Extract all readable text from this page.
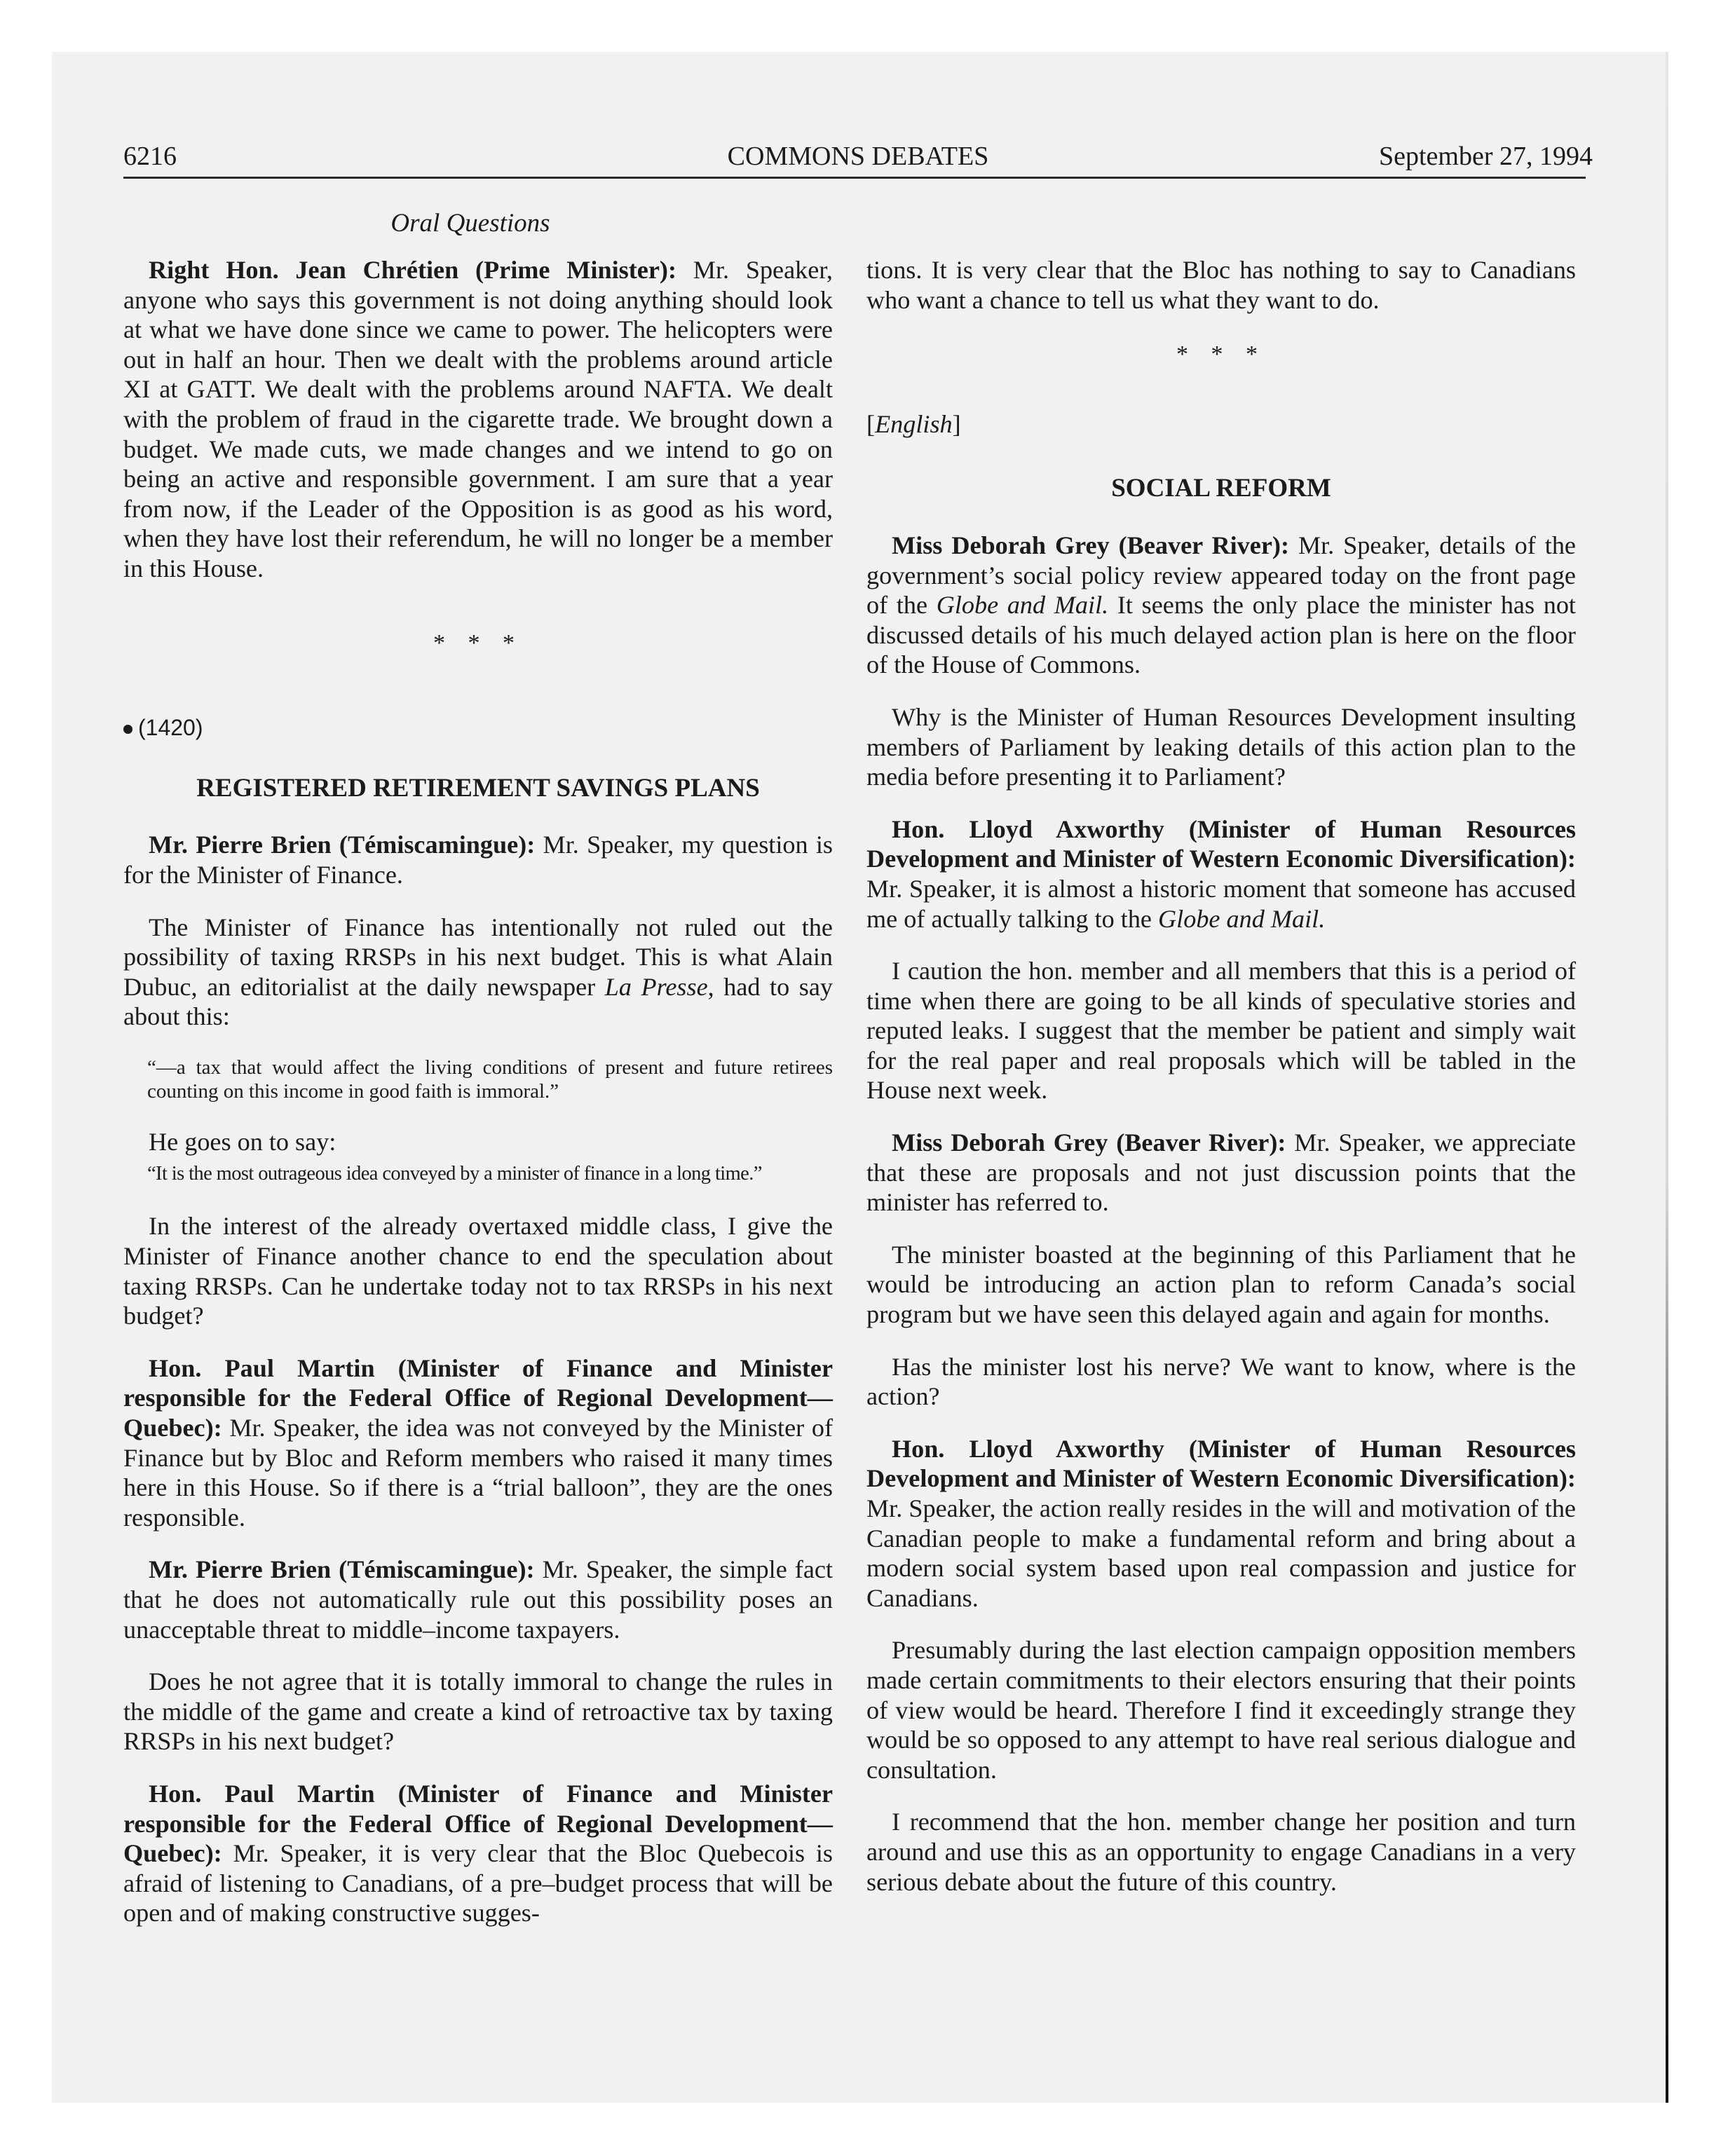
6216	COMMONS DEBATES	September 27, 1994
Oral Questions

Right Hon. Jean Chrétien (Prime Minister): Mr. Speaker, anyone who says this government is not doing anything should look at what we have done since we came to power. The helicopters were out in half an hour. Then we dealt with the problems around article XI at GATT. We dealt with the problems around NAFTA. We dealt with the problem of fraud in the cigarette trade. We brought down a budget. We made cuts, we made changes and we intend to go on being an active and responsible government. I am sure that a year from now, if the Leader of the Opposition is as good as his word, when they have lost their referendum, he will no longer be a member in this House.

* * *
(1420)
REGISTERED RETIREMENT SAVINGS PLANS

Mr. Pierre Brien (Témiscamingue): Mr. Speaker, my question is for the Minister of Finance.

The Minister of Finance has intentionally not ruled out the possibility of taxing RRSPs in his next budget. This is what Alain Dubuc, an editorialist at the daily newspaper La Presse, had to say about this:

“—a tax that would affect the living conditions of present and future retirees counting on this income in good faith is immoral.”

He goes on to say:

“It is the most outrageous idea conveyed by a minister of finance in a long time.”

In the interest of the already overtaxed middle class, I give the Minister of Finance another chance to end the speculation about taxing RRSPs. Can he undertake today not to tax RRSPs in his next budget?

Hon. Paul Martin (Minister of Finance and Minister responsible for the Federal Office of Regional Development—Quebec): Mr. Speaker, the idea was not conveyed by the Minister of Finance but by Bloc and Reform members who raised it many times here in this House. So if there is a “trial balloon”, they are the ones responsible.

Mr. Pierre Brien (Témiscamingue): Mr. Speaker, the simple fact that he does not automatically rule out this possibility poses an unacceptable threat to middle–income taxpayers.

Does he not agree that it is totally immoral to change the rules in the middle of the game and create a kind of retroactive tax by taxing RRSPs in his next budget?

Hon. Paul Martin (Minister of Finance and Minister responsible for the Federal Office of Regional Development—Quebec): Mr. Speaker, it is very clear that the Bloc Quebecois is afraid of listening to Canadians, of a pre–budget process that will be open and of making constructive sugges-

tions. It is very clear that the Bloc has nothing to say to Canadians who want a chance to tell us what they want to do.

* * *
[ English ]
SOCIAL REFORM

Miss Deborah Grey (Beaver River): Mr. Speaker, details of the government’s social policy review appeared today on the front page of the Globe and Mail. It seems the only place the minister has not discussed details of his much delayed action plan is here on the floor of the House of Commons.

Why is the Minister of Human Resources Development insulting members of Parliament by leaking details of this action plan to the media before presenting it to Parliament?

Hon. Lloyd Axworthy (Minister of Human Resources Development and Minister of Western Economic Diversification): Mr. Speaker, it is almost a historic moment that someone has accused me of actually talking to the Globe and Mail.

I caution the hon. member and all members that this is a period of time when there are going to be all kinds of speculative stories and reputed leaks. I suggest that the member be patient and simply wait for the real paper and real proposals which will be tabled in the House next week.

Miss Deborah Grey (Beaver River): Mr. Speaker, we appreciate that these are proposals and not just discussion points that the minister has referred to.

The minister boasted at the beginning of this Parliament that he would be introducing an action plan to reform Canada’s social program but we have seen this delayed again and again for months.

Has the minister lost his nerve? We want to know, where is the action?

Hon. Lloyd Axworthy (Minister of Human Resources Development and Minister of Western Economic Diversification): Mr. Speaker, the action really resides in the will and motivation of the Canadian people to make a fundamental reform and bring about a modern social system based upon real compassion and justice for Canadians.

Presumably during the last election campaign opposition members made certain commitments to their electors ensuring that their points of view would be heard. Therefore I find it exceedingly strange they would be so opposed to any attempt to have real serious dialogue and consultation.

I recommend that the hon. member change her position and turn around and use this as an opportunity to engage Canadians in a very serious debate about the future of this country.
